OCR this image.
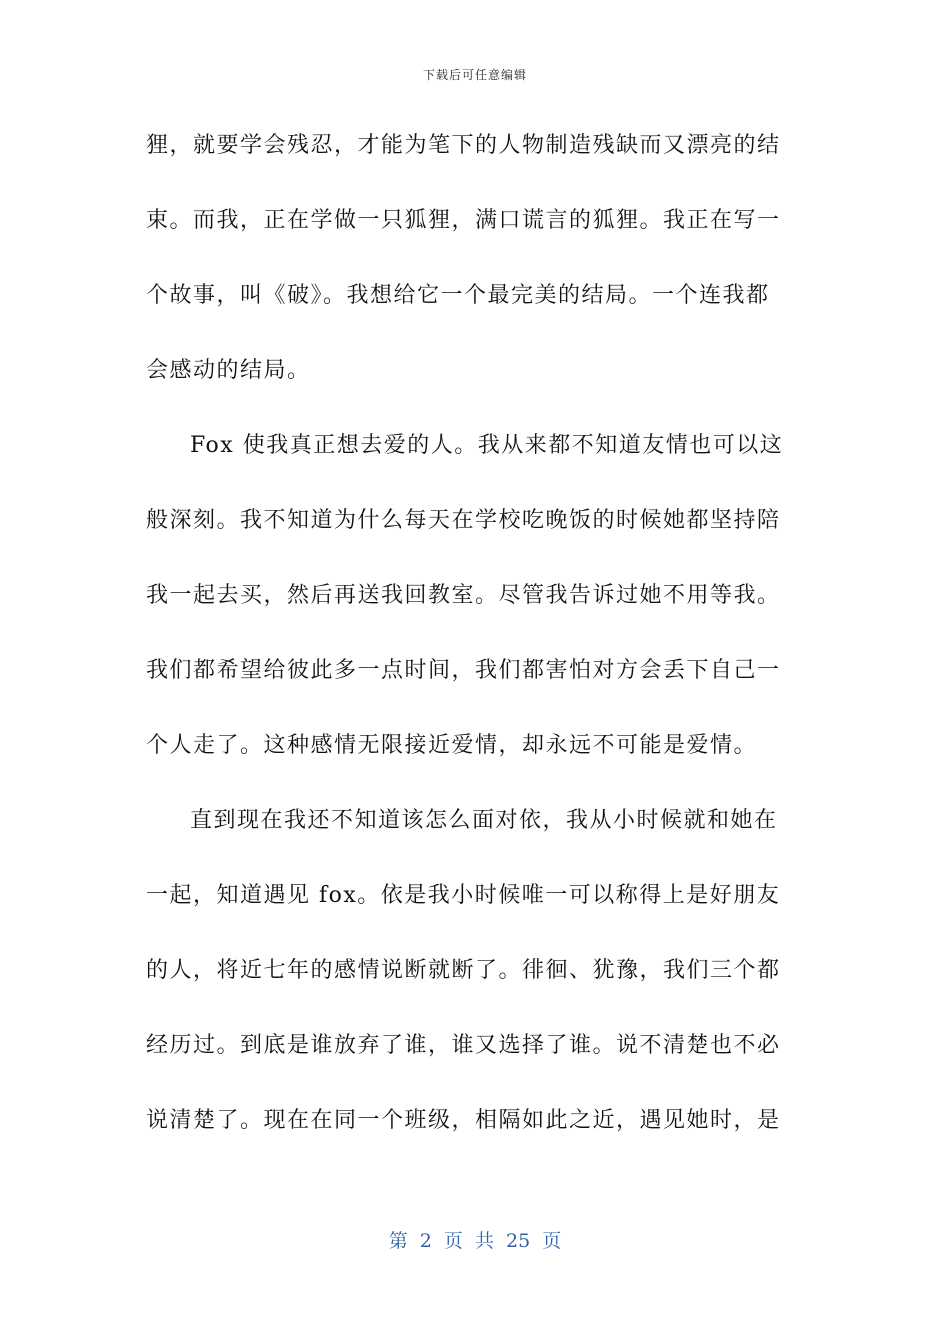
下载后可任意编辑
狸，就要学会残忍，才能为笔下的人物制造残缺而又漂亮的结
束。而我，正在学做一只狐狸，满口谎言的狐狸。我正在写一
个故事，叫《破》。我想给它一个最完美的结局。一个连我都
会感动的结局。
Fox 使我真正想去爱的人。我从来都不知道友情也可以这
般深刻。我不知道为什么每天在学校吃晚饭的时候她都坚持陪
我一起去买，然后再送我回教室。尽管我告诉过她不用等我。
我们都希望给彼此多一点时间，我们都害怕对方会丢下自己一
个人走了。这种感情无限接近爱情，却永远不可能是爱情。
直到现在我还不知道该怎么面对依，我从小时候就和她在
一起，知道遇见 fox。依是我小时候唯一可以称得上是好朋友
的人，将近七年的感情说断就断了。徘徊、犹豫，我们三个都
经历过。到底是谁放弃了谁，谁又选择了谁。说不清楚也不必
说清楚了。现在在同一个班级，相隔如此之近，遇见她时，是
第 2 页 共 25 页
